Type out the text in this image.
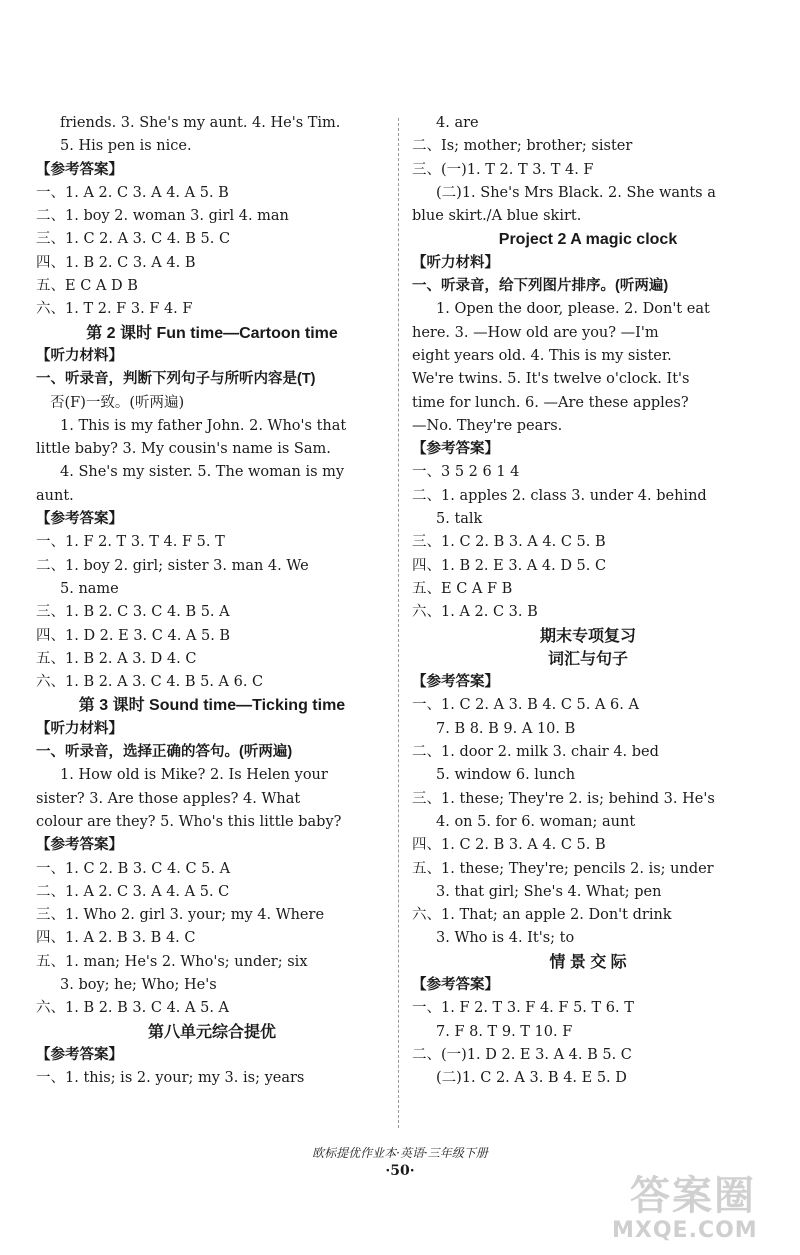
friends. 3. She's my aunt. 4. He's Tim.
5. His pen is nice.
【参考答案】
一、1. A 2. C 3. A 4. A 5. B
二、1. boy 2. woman 3. girl 4. man
三、1. C 2. A 3. C 4. B 5. C
四、1. B 2. C 3. A 4. B
五、E C A D B
六、1. T 2. F 3. F 4. F
第 2 课时 Fun time—Cartoon time
【听力材料】
一、听录音，判断下列句子与所听内容是(T)
否(F)一致。(听两遍)
1. This is my father John. 2. Who's that
little baby? 3. My cousin's name is Sam.
4. She's my sister. 5. The woman is my
aunt.
【参考答案】
一、1. F 2. T 3. T 4. F 5. T
二、1. boy 2. girl; sister 3. man 4. We
5. name
三、1. B 2. C 3. C 4. B 5. A
四、1. D 2. E 3. C 4. A 5. B
五、1. B 2. A 3. D 4. C
六、1. B 2. A 3. C 4. B 5. A 6. C
第 3 课时 Sound time—Ticking time
【听力材料】
一、听录音，选择正确的答句。(听两遍)
1. How old is Mike? 2. Is Helen your
sister? 3. Are those apples? 4. What
colour are they? 5. Who's this little baby?
【参考答案】
一、1. C 2. B 3. C 4. C 5. A
二、1. A 2. C 3. A 4. A 5. C
三、1. Who 2. girl 3. your; my 4. Where
四、1. A 2. B 3. B 4. C
五、1. man; He's 2. Who's; under; six
3. boy; he; Who; He's
六、1. B 2. B 3. C 4. A 5. A
第八单元综合提优
【参考答案】
一、1. this; is 2. your; my 3. is; years
4. are
二、Is; mother; brother; sister
三、(一)1. T 2. T 3. T 4. F
(二)1. She's Mrs Black. 2. She wants a
blue skirt./A blue skirt.
Project 2 A magic clock
【听力材料】
一、听录音，给下列图片排序。(听两遍)
1. Open the door, please. 2. Don't eat
here. 3. —How old are you? —I'm
eight years old. 4. This is my sister.
We're twins. 5. It's twelve o'clock. It's
time for lunch. 6. —Are these apples?
—No. They're pears.
【参考答案】
一、3 5 2 6 1 4
二、1. apples 2. class 3. under 4. behind
5. talk
三、1. C 2. B 3. A 4. C 5. B
四、1. B 2. E 3. A 4. D 5. C
五、E C A F B
六、1. A 2. C 3. B
期末专项复习
词汇与句子
【参考答案】
一、1. C 2. A 3. B 4. C 5. A 6. A
7. B 8. B 9. A 10. B
二、1. door 2. milk 3. chair 4. bed
5. window 6. lunch
三、1. these; They're 2. is; behind 3. He's
4. on 5. for 6. woman; aunt
四、1. C 2. B 3. A 4. C 5. B
五、1. these; They're; pencils 2. is; under
3. that girl; She's 4. What; pen
六、1. That; an apple 2. Don't drink
3. Who is 4. It's; to
情 景 交 际
【参考答案】
一、1. F 2. T 3. F 4. F 5. T 6. T
7. F 8. T 9. T 10. F
二、(一)1. D 2. E 3. A 4. B 5. C
(二)1. C 2. A 3. B 4. E 5. D
欧标提优作业本·英语·三年级下册
·50·
答案圈
MXQE.COM
